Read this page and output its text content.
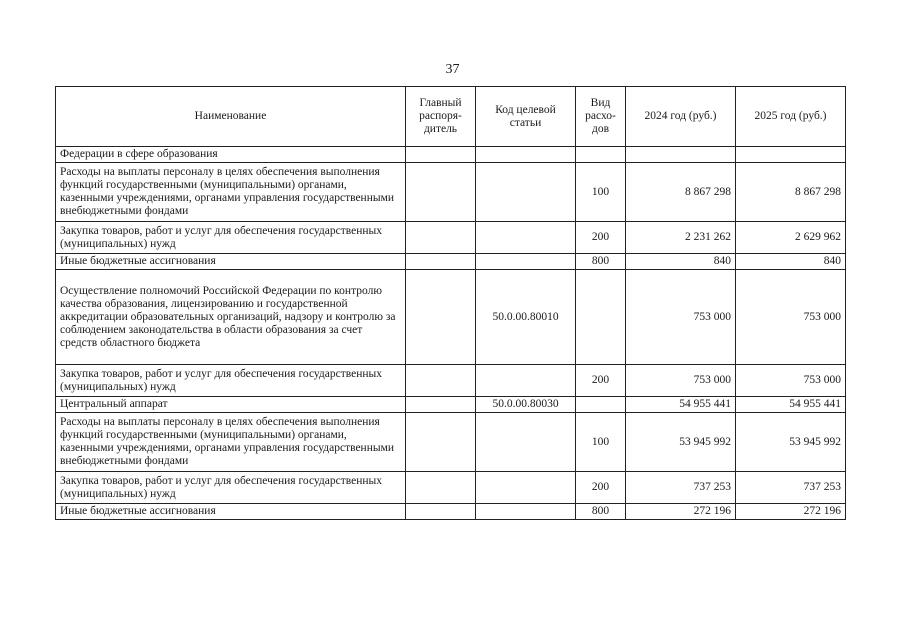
37
Наименование	Главный распоря-дитель	Код целевой статьи	Вид расхо-дов	2024 год (руб.)	2025 год (руб.)
Федерации в сфере образования					
Расходы на выплаты персоналу в целях обеспечения выполнения функций государственными (муниципальными) органами, казенными учреждениями, органами управления государственными внебюджетными фондами			100	8 867 298	8 867 298
Закупка товаров, работ и услуг для обеспечения государственных (муниципальных) нужд			200	2 231 262	2 629 962
Иные бюджетные ассигнования			800	840	840
Осуществление полномочий Российской Федерации по контролю качества образования, лицензированию и государственной аккредитации образовательных организаций, надзору и контролю за соблюдением законодательства в области образования за счет средств областного бюджета		50.0.00.80010		753 000	753 000
Закупка товаров, работ и услуг для обеспечения государственных (муниципальных) нужд			200	753 000	753 000
Центральный аппарат		50.0.00.80030		54 955 441	54 955 441
Расходы на выплаты персоналу в целях обеспечения выполнения функций государственными (муниципальными) органами, казенными учреждениями, органами управления государственными внебюджетными фондами			100	53 945 992	53 945 992
Закупка товаров, работ и услуг для обеспечения государственных (муниципальных) нужд			200	737 253	737 253
Иные бюджетные ассигнования			800	272 196	272 196
